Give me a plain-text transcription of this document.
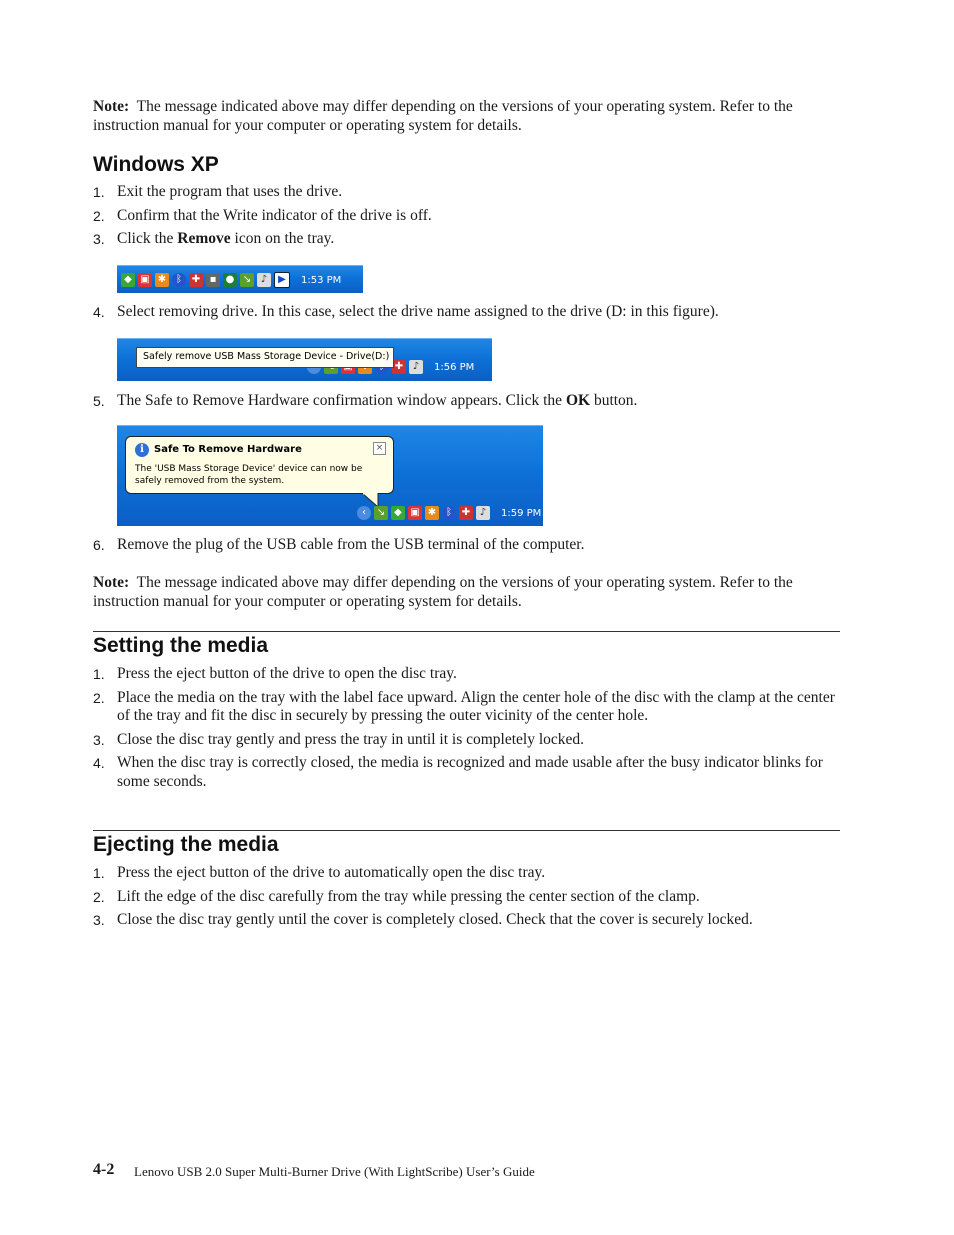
Note: The message indicated above may differ depending on the versions of your operating system. Refer to the instruction manual for your computer or operating system for details.
Windows XP
1. Exit the program that uses the drive.
2. Confirm that the Write indicator of the drive is off.
3. Click the Remove icon on the tray.
◆ ▣ ✱ ᛒ ✚ ▪ ● ↘ ♪	▶	1:53 PM
4. Select removing drive. In this case, select the drive name assigned to the drive (D: in this figure).
✚ ♪	1:56 PM
Safely remove USB Mass Storage Device - Drive(D:)
5. The Safe to Remove Hardware confirmation window appears. Click the OK button.
i	Safe To Remove Hardware	×
The 'USB Mass Storage Device' device can now be safely removed from the system.
‹	↘ ◆ ▣ ✱ ᛒ ✚ ♪	1:59 PM
6. Remove the plug of the USB cable from the USB terminal of the computer.
Note: The message indicated above may differ depending on the versions of your operating system. Refer to the instruction manual for your computer or operating system for details.
Setting the media
1. Press the eject button of the drive to open the disc tray.
2. Place the media on the tray with the label face upward. Align the center hole of the disc with the clamp at the center of the tray and fit the disc in securely by pressing the outer vicinity of the center hole.
3. Close the disc tray gently and press the tray in until it is completely locked.
4. When the disc tray is correctly closed, the media is recognized and made usable after the busy indicator blinks for some seconds.
Ejecting the media
1. Press the eject button of the drive to automatically open the disc tray.
2. Lift the edge of the disc carefully from the tray while pressing the center section of the clamp.
3. Close the disc tray gently until the cover is completely closed. Check that the cover is securely locked.
4-2 Lenovo USB 2.0 Super Multi-Burner Drive (With LightScribe) User’s Guide
